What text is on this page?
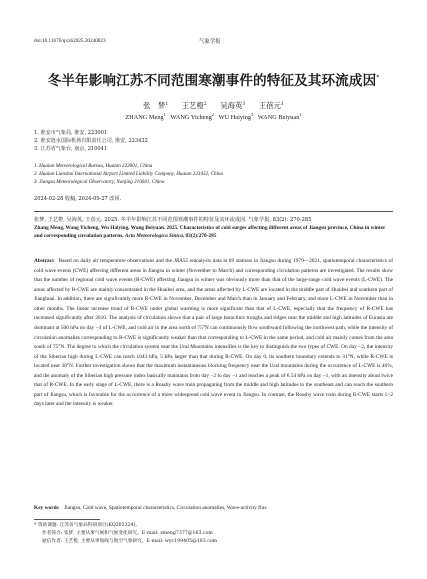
doi:10.11676/qxxb2025.20240023	气象学报
冬半年影响江苏不同范围寒潮事件的特征及其环流成因*
张　梦$^1$ 王艺橙$^2$ 吴海英$^3$ 王蓓元$^1$
ZHANG Meng$^1$ WANG Yicheng$^2$ WU Haiying$^3$ WANG Beiyuan$^1$
1. 淮安市气象局, 淮安, 223001
2. 淮安涟水国际机场有限责任公司, 淮安, 223432
3. 江苏省气象台, 南京, 210041
1. Huaian Meteorological Bureau, Huaian 223001, China
2. Huaian Lianshui International Airport Limited Liability Company, Huaian 223432, China
3. Jiangsu Meteorological Observatory, Nanjing 210041, China
2024-02-28 收稿, 2024-09-27 改回.
张梦, 王艺橙, 吴海英, 王蓓元. 2025. 冬半年影响江苏不同范围寒潮事件的特征及其环流成因. 气象学报, 83(2): 270-285
Zhang Meng, Wang Yicheng, Wu Haiying, Wang Beiyuan. 2025. Characteristics of cold surges affecting different areas of Jiangsu province, China in winter and corresponding circulation patterns. Acta Meteorologica Sinica, 83(2):270-285
Abstract Based on daily air temperature observations and the JRA55 reanalysis data at 69 stations in Jiangsu during 1979—2021, spatiotemporal characteristics of cold wave events (CWE) affecting different areas in Jiangsu in winter (November to March) and corresponding circulation patterns are investigated. The results show that the number of regional cold wave events (R-CWE) affecting Jiangsu in winter was obviously more than that of the large-range cold wave events (L-CWE). The areas affected by R-CWE are mainly concentrated in the Huaibei area, and the areas affected by L-CWE are located in the middle part of Huaibei and southern part of Jianghuai. In addition, there are significantly more R-CWE in November, December and March than in January and February, and more L-CWE in November than in other months. The linear increase trend of R-CWE under global warming is more significant than that of L-CWE, especially that the frequency of R-CWE has increased significantly after 2010. The analysis of circulation shows that a pair of large baroclinic troughs and ridges near the middle and high latitudes of Eurasia are dominant at 500 hPa on day −4 of L-CWE, and cold air in the area north of 75°N can continuously flow southward following the northwest path, while the intensity of circulation anomalies corresponding to R-CWE is significantly weaker than that corresponding to L-CWE in the same period, and cold air mainly comes from the area south of 75°N. The degree to which the circulation system near the Ural Mountains intensifies is the key to distinguish the two types of CWE. On day −2, the intensity of the Siberian high during L-CWE can reach 1043 hPa, 5 hPa larger than that during R-CWE. On day 0, its southern boundary extends to 31°N, while R-CWE is located near 38°N. Further investigation shows that the maximum instantaneous blocking frequency near the Ural mountains during the occurrence of L-CWE is 46%, and the anomaly of the Siberian high pressure index basically maintains from day −2 to day −1 and reaches a peak of 6.54 hPa on day −1, with an intensity about twice that of R-CWE. In the early stage of L-CWE, there is a Rossby wave train propagating from the middle and high latitudes to the southeast and can reach the southern part of Jiangsu, which is favorable for the occurrence of a more widespread cold wave event in Jiangsu. In contrast, the Rossby wave train during R-CWE starts 1−2 days later and the intensity is weaker.
Key words Jiangsu, Cold wave, Spatiotemporal characteristics, Circulation anomalies, Wave-activity flux
* 资助课题: 江苏省气象局科研项目(KQ202324)。
作者简介: 张梦, 主要从事气候和气候变化研究。E-mail: zmeng7377@163.com
通信作者: 王艺橙, 主要从事航线与航空气象研究。E-mail: wyc199405@163.com
